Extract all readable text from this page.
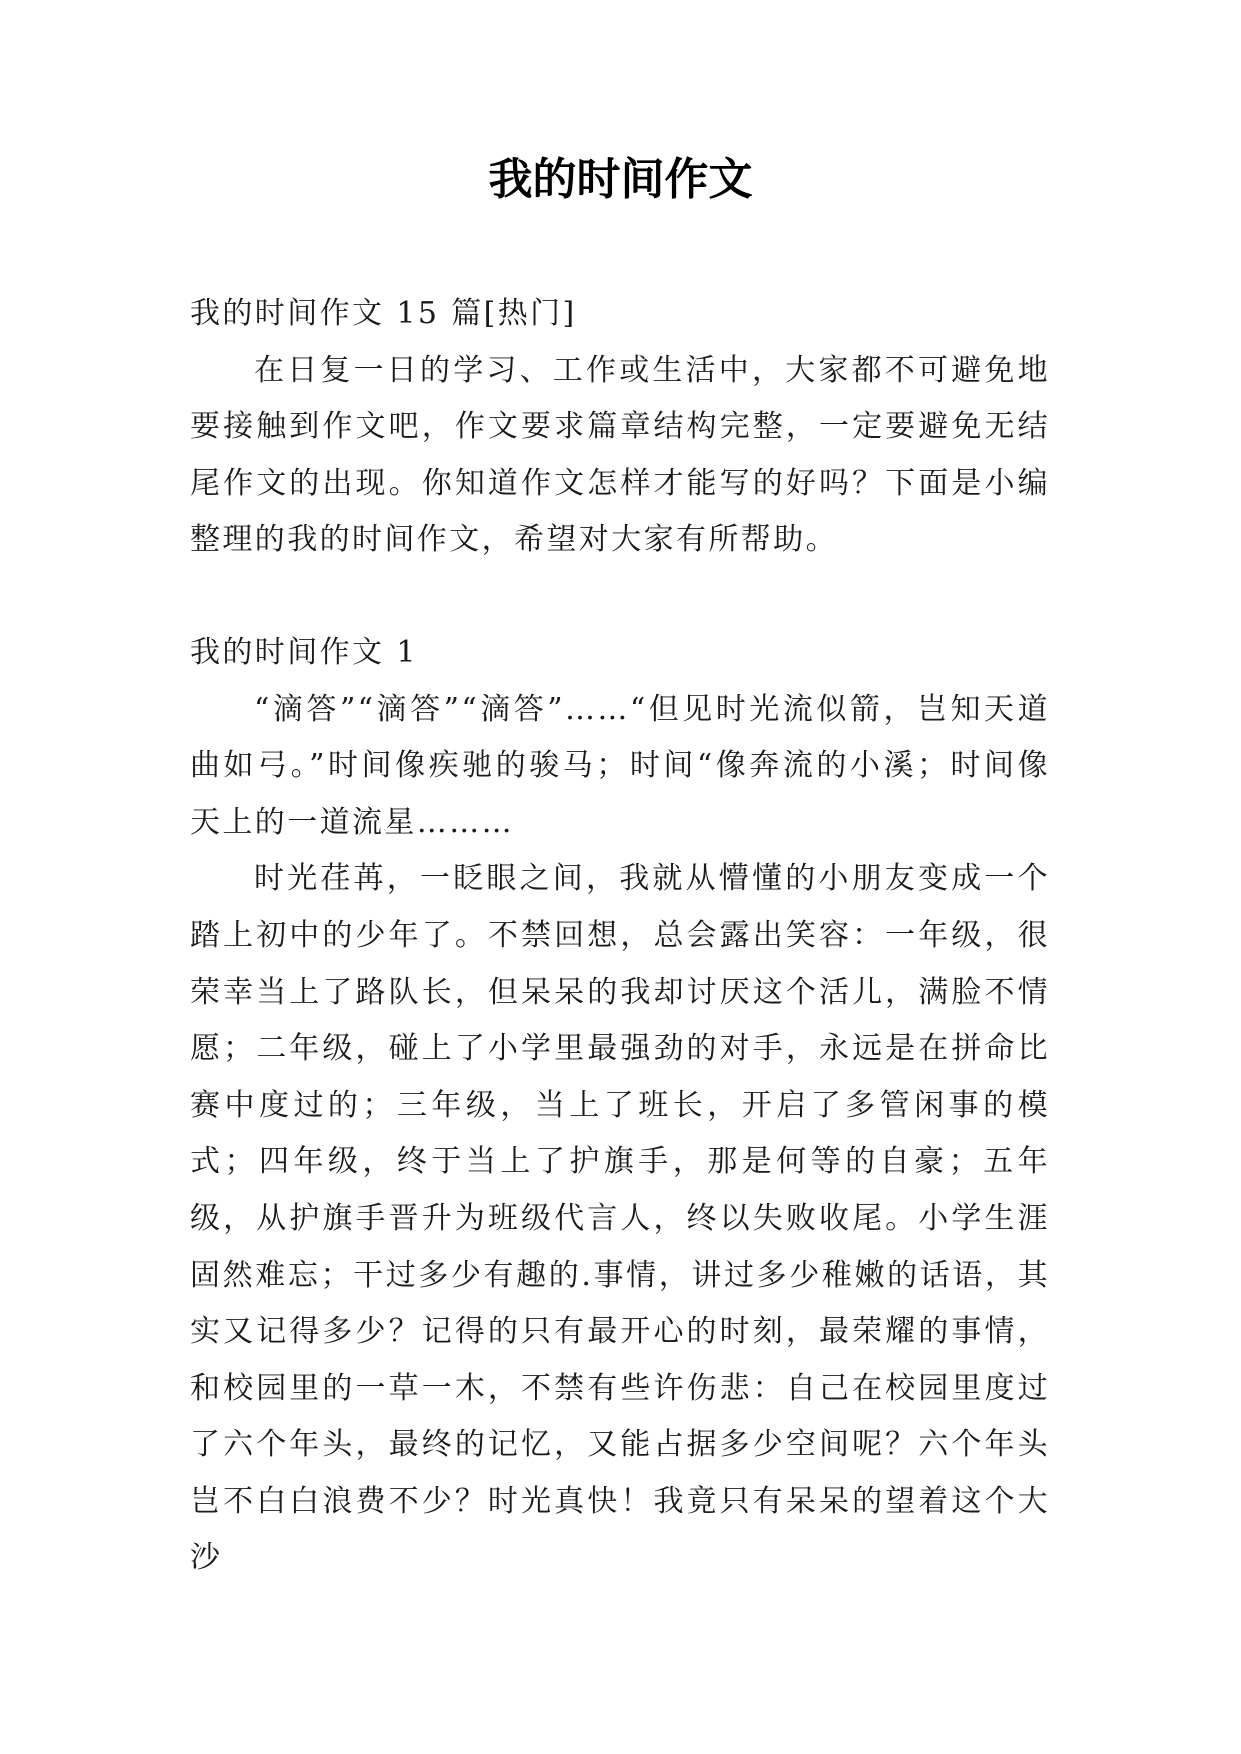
我的时间作文

我的时间作文 15 篇[热门]

在日复一日的学习、工作或生活中，大家都不可避免地要接触到作文吧，作文要求篇章结构完整，一定要避免无结尾作文的出现。你知道作文怎样才能写的好吗？下面是小编整理的我的时间作文，希望对大家有所帮助。

我的时间作文 1

“滴答”“滴答”“滴答”……“但见时光流似箭，岂知天道曲如弓。”时间像疾驰的骏马；时间“像奔流的小溪；时间像天上的一道流星………

时光荏苒，一眨眼之间，我就从懵懂的小朋友变成一个踏上初中的少年了。不禁回想，总会露出笑容：一年级，很荣幸当上了路队长，但呆呆的我却讨厌这个活儿，满脸不情愿；二年级，碰上了小学里最强劲的对手，永远是在拼命比赛中度过的；三年级，当上了班长，开启了多管闲事的模式；四年级，终于当上了护旗手，那是何等的自豪；五年级，从护旗手晋升为班级代言人，终以失败收尾。小学生涯固然难忘；干过多少有趣的.事情，讲过多少稚嫩的话语，其实又记得多少？记得的只有最开心的时刻，最荣耀的事情，和校园里的一草一木，不禁有些许伤悲：自己在校园里度过了六个年头，最终的记忆，又能占据多少空间呢？六个年头岂不白白浪费不少？时光真快！我竟只有呆呆的望着这个大沙
